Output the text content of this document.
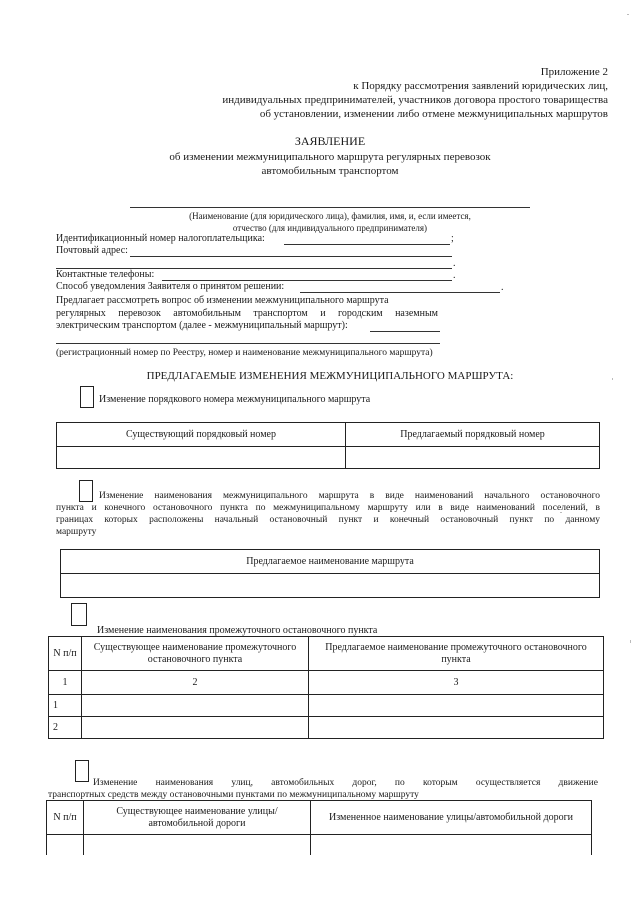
Приложение 2
к Порядку рассмотрения заявлений юридических лиц,
индивидуальных предпринимателей, участников договора простого товарищества
об установлении, изменении либо отмене межмуниципальных маршрутов
ЗАЯВЛЕНИЕ
об изменении межмуниципального маршрута регулярных перевозок
автомобильным транспортом
(Наименование (для юридического лица), фамилия, имя, и, если имеется,
отчество (для индивидуального предпринимателя)
Идентификационный номер налогоплательщика:	;
Почтовый адрес:
.
Контактные телефоны:	.
Способ уведомления Заявителя о принятом решении:	.
Предлагает рассмотреть вопрос об изменении межмуниципального маршрута
регулярных перевозок автомобильным транспортом и городским наземным
электрическим транспортом (далее - межмуниципальный маршрут):
(регистрационный номер по Реестру, номер и наименование межмуниципального маршрута)
ПРЕДЛАГАЕМЫЕ ИЗМЕНЕНИЯ МЕЖМУНИЦИПАЛЬНОГО МАРШРУТА:
Изменение порядкового номера межмуниципального маршрута
Существующий порядковый номер	Предлагаемый порядковый номер

Изменение наименования межмуниципального маршрута в виде наименований начального остановочного
пункта и конечного остановочного пункта по межмуниципальному маршруту или в виде наименований поселений, в
границах которых расположены начальный остановочный пункт и конечный остановочный пункт по данному
маршруту
Предлагаемое наименование маршрута

Изменение наименования промежуточного остановочного пункта
N п/п	Существующее наименование промежуточного остановочного пункта	Предлагаемое наименование промежуточного остановочного пункта
1	2	3
1		
2		
Изменение наименования улиц, автомобильных дорог, по которым осуществляется движение
транспортных средств между остановочными пунктами по межмуниципальному маршруту
N п/п	Существующее наименование улицы/автомобильной дороги	Измененное наименование улицы/автомобильной дороги
